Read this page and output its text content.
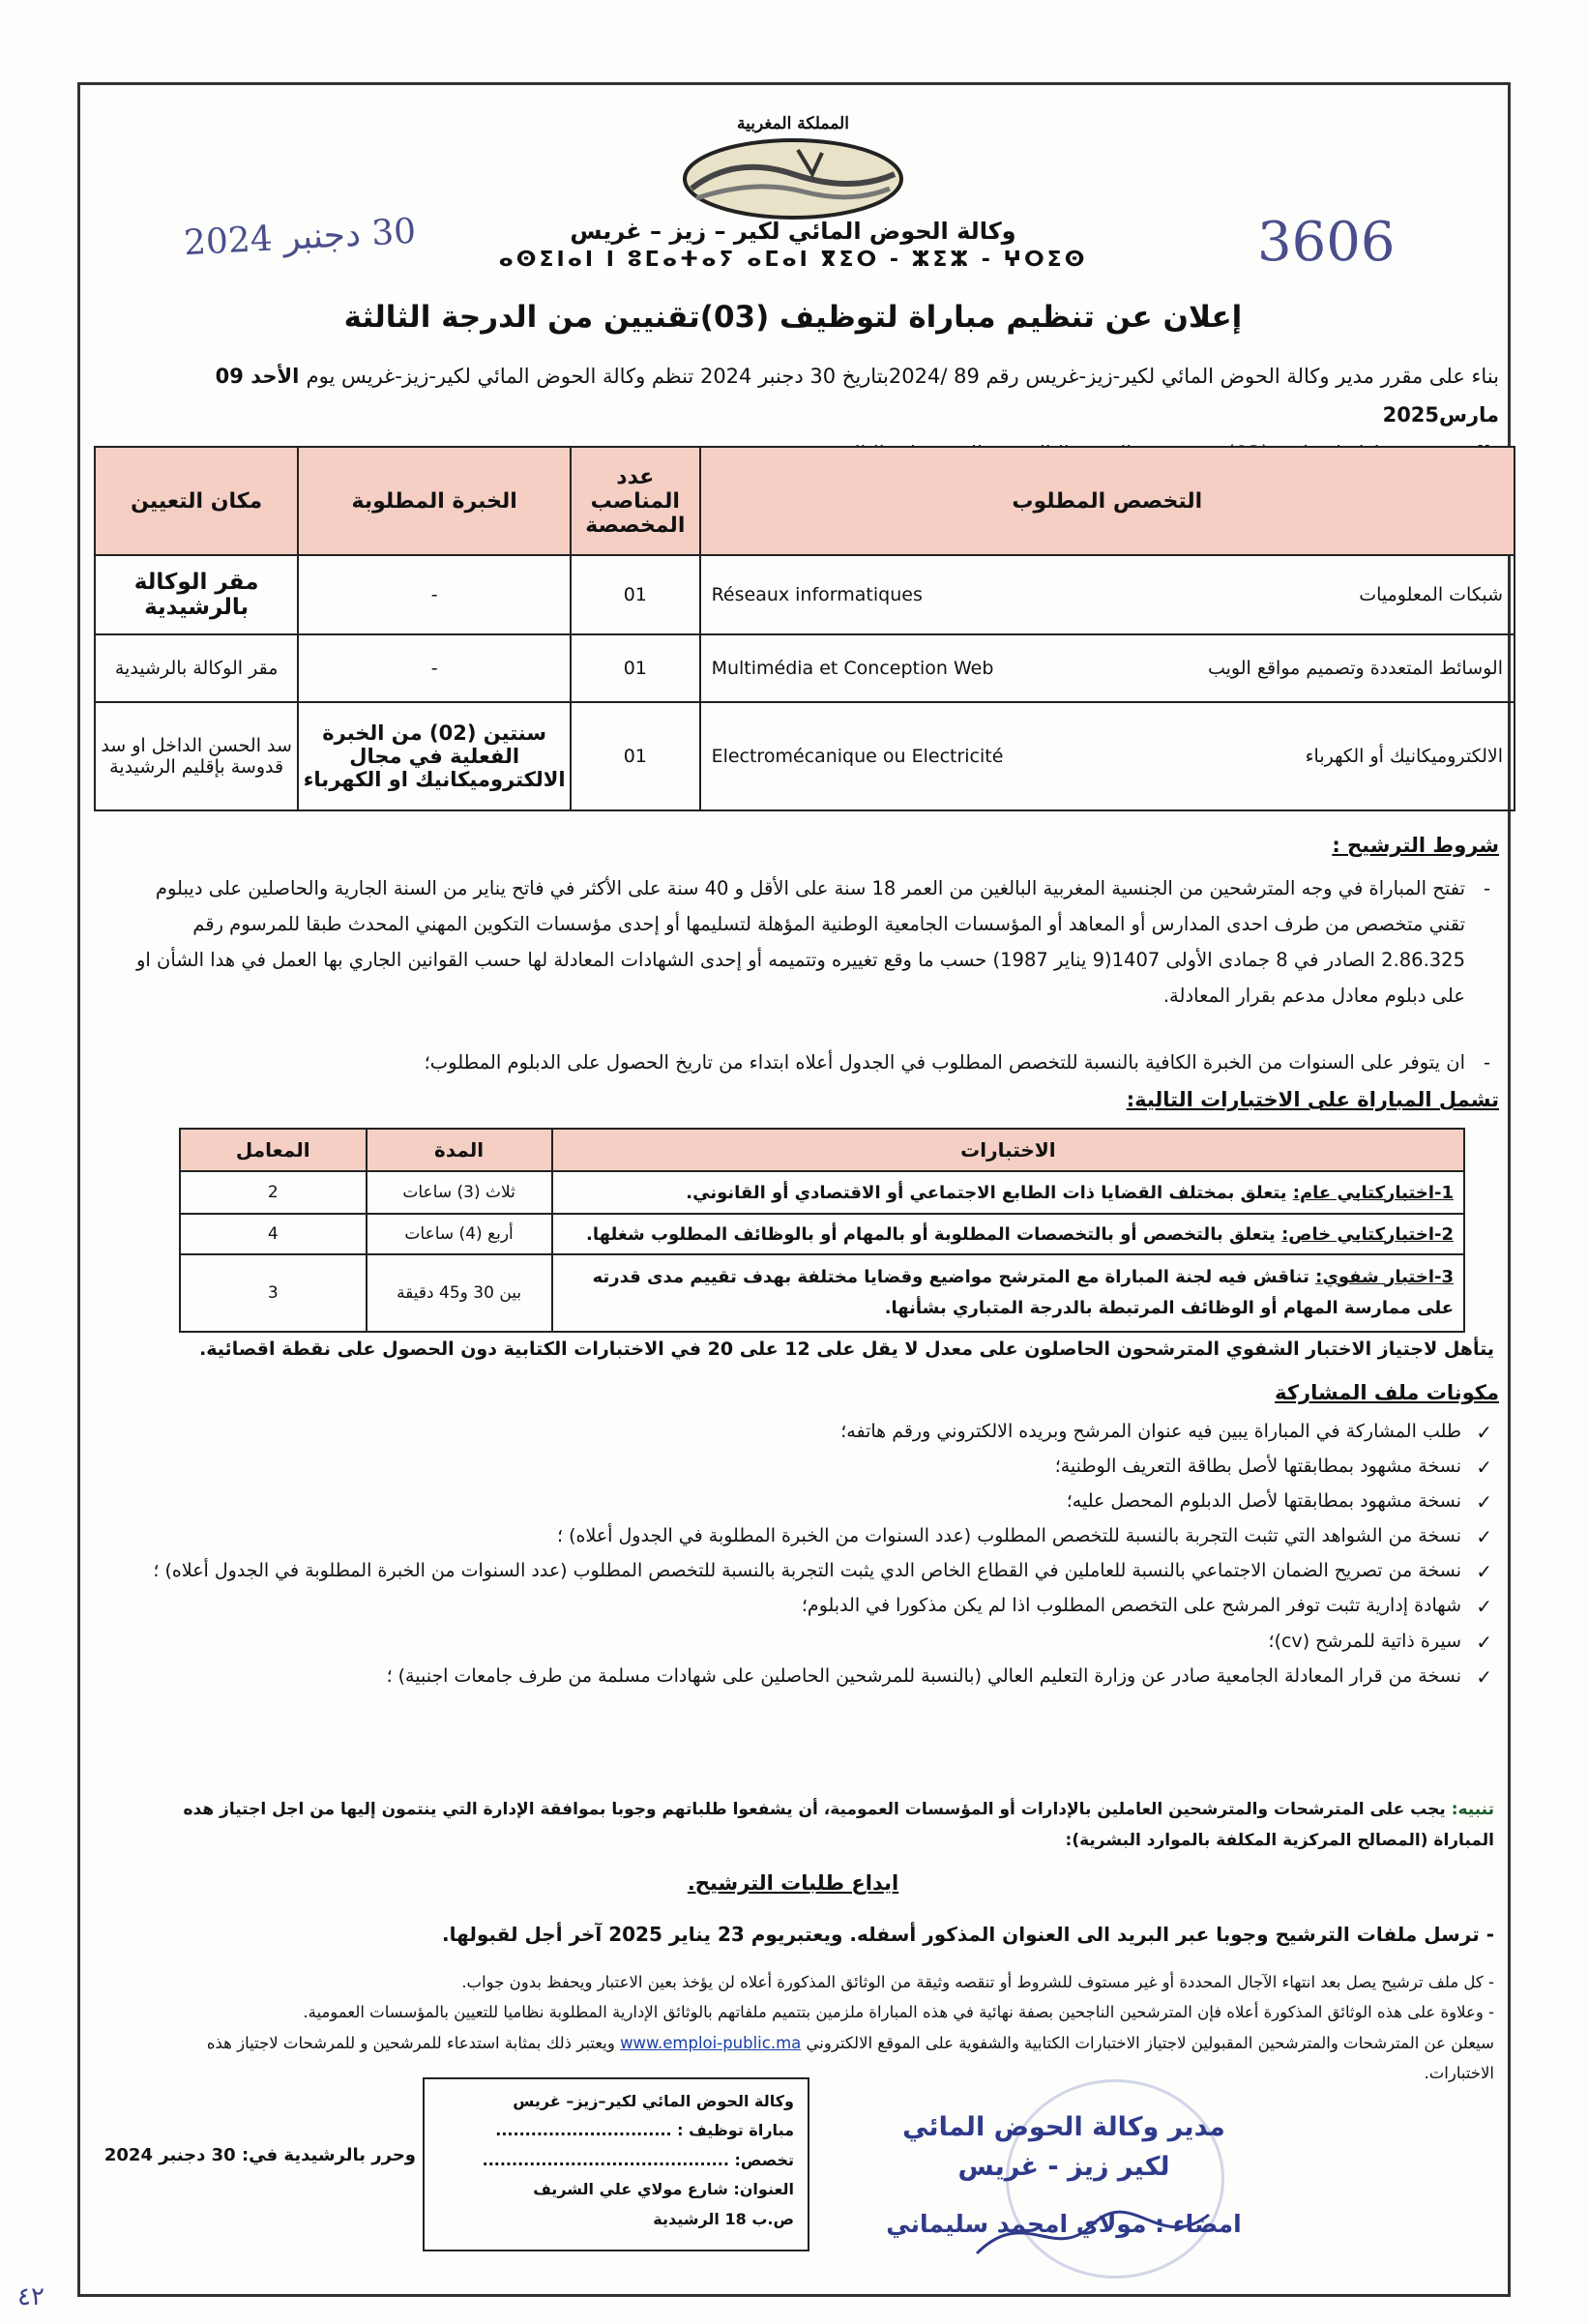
المملكة المغربية
وكالة الحوض المائي لكير – زيز – غريس
ⴰⵙⵉⵏⴰⵏ ⵏ ⵓⵎⴰⵜⴰⵢ ⴰⵎⴰⵏ ⴳⵉⵔ - ⵣⵉⵣ - ⵖⵔⵉⵙ
30 دجنبر 2024	3606
إعلان عن تنظيم مباراة لتوظيف (03)تقنيين من الدرجة الثالثة
بناء على مقرر مدير وكالة الحوض المائي لكير-زيز-غريس رقم 89 /2024بتاريخ 30 دجنبر 2024 تنظم وكالة الحوض المائي لكير-زيز-غريس يوم الأحد 09 مارس2025

التخصص المطلوب	عدد المناصب المخصصة	الخبرة المطلوبة	مكان التعيين

شبكات المعلوميات
Réseaux informatiques	01	-	مقر الوكالة بالرشيدية

الوسائط المتعددة وتصميم مواقع الويب
Multimédia et Conception Web	01	-	مقر الوكالة بالرشيدية

الالكتروميكانيك أو الكهرباء
Electromécanique ou Electricité	01	سنتين (02) من الخبرة الفعلية في مجال الالكتروميكانيك او الكهرباء	سد الحسن الداخل او سد قدوسة بإقليم الرشيدية
شروط الترشيح :
-
تفتح المباراة في وجه المترشحين من الجنسية المغربية البالغين من العمر 18 سنة على الأقل و 40 سنة على الأكثر في فاتح يناير من السنة الجارية والحاصلين على ديبلوم تقني متخصص من طرف احدى المدارس أو المعاهد أو المؤسسات الجامعية الوطنية المؤهلة لتسليمها أو إحدى مؤسسات التكوين المهني المحدث طبقا للمرسوم رقم 2.86.325 الصادر في 8 جمادى الأولى 1407(9 يناير 1987) حسب ما وقع تغييره وتتميمه أو إحدى الشهادات المعادلة لها حسب القوانين الجاري بها العمل في هدا الشأن او على دبلوم معادل مدعم بقرار المعادلة.
-
ان يتوفر على السنوات من الخبرة الكافية بالنسبة للتخصص المطلوب في الجدول أعلاه ابتداء من تاريخ الحصول على الدبلوم المطلوب؛
تشمل المباراة على الاختبارات التالية:
الاختبارات	المدة	المعامل
1-اختباركتابي عام: يتعلق بمختلف القضايا ذات الطابع الاجتماعي أو الاقتصادي أو القانوني.	ثلاث (3) ساعات	2
2-اختباركتابي خاص: يتعلق بالتخصص أو بالتخصصات المطلوبة أو بالمهام أو بالوظائف المطلوب شغلها.	أربع (4) ساعات	4
3-اختبار شفوي: تناقش فيه لجنة المباراة مع المترشح مواضيع وقضايا مختلفة بهدف تقييم مدى قدرته على ممارسة المهام أو الوظائف المرتبطة بالدرجة المتباري بشأنها.	بين 30 و45 دقيقة	3
يتأهل لاجتياز الاختبار الشفوي المترشحون الحاصلون على معدل لا يقل على 12 على 20 في الاختبارات الكتابية دون الحصول على نقطة اقصائية.
مكونات ملف المشاركة
✓ طلب المشاركة في المباراة يبين فيه عنوان المرشح وبريده الالكتروني ورقم هاتفه؛
✓ نسخة مشهود بمطابقتها لأصل بطاقة التعريف الوطنية؛
✓ نسخة مشهود بمطابقتها لأصل الدبلوم المحصل عليه؛
✓ نسخة من الشواهد التي تثبت التجربة بالنسبة للتخصص المطلوب (عدد السنوات من الخبرة المطلوبة في الجدول أعلاه) ؛
✓ نسخة من تصريح الضمان الاجتماعي بالنسبة للعاملين في القطاع الخاص الدي يثبت التجربة بالنسبة للتخصص المطلوب (عدد السنوات من الخبرة المطلوبة في الجدول أعلاه) ؛
✓ شهادة إدارية تثبت توفر المرشح على التخصص المطلوب اذا لم يكن مذكورا في الدبلوم؛
✓ سيرة ذاتية للمرشح (cv)؛
✓ نسخة من قرار المعادلة الجامعية صادر عن وزارة التعليم العالي (بالنسبة للمرشحين الحاصلين على شهادات مسلمة من طرف جامعات اجنبية) ؛
تنبيه: يجب على المترشحات والمترشحين العاملين بالإدارات أو المؤسسات العمومية، أن يشفعوا طلباتهم وجوبا بموافقة الإدارة التي ينتمون إليها من اجل اجتياز هده المباراة (المصالح المركزية المكلفة بالموارد البشرية):
ايداع طلبات الترشيح.
- ترسل ملفات الترشيح وجوبا عبر البريد الى العنوان المذكور أسفله. ويعتبريوم 23 يناير 2025 آخر أجل لقبولها.
- كل ملف ترشيح يصل بعد انتهاء الآجال المحددة أو غير مستوف للشروط أو تنقصه وثيقة من الوثائق المذكورة أعلاه لن يؤخذ بعين الاعتبار ويحفظ بدون جواب.
- وعلاوة على هذه الوثائق المذكورة أعلاه فإن المترشحين الناجحين بصفة نهائية في هذه المباراة ملزمين بتتميم ملفاتهم بالوثائق الإدارية المطلوبة نظاميا للتعيين بالمؤسسات العمومية.
سيعلن عن المترشحات والمترشحين المقبولين لاجتياز الاختبارات الكتابية والشفوية على الموقع الالكتروني www.emploi-public.ma ويعتبر ذلك بمثابة استدعاء للمرشحين و للمرشحات لاجتياز هذه الاختبارات.
وكالة الحوض المائي لكير–زيز– غريس
مباراة توظيف : ..............................
تخصص: ..........................................
العنوان: شارع مولاي علي الشريف
ص.ب 18 الرشيدية
وحرر بالرشيدية في: 30 دجنبر 2024
مدير وكالة الحوض المائي
لكير زيز - غريس
امضاء : مولاي امحمد سليماني
٤٢
